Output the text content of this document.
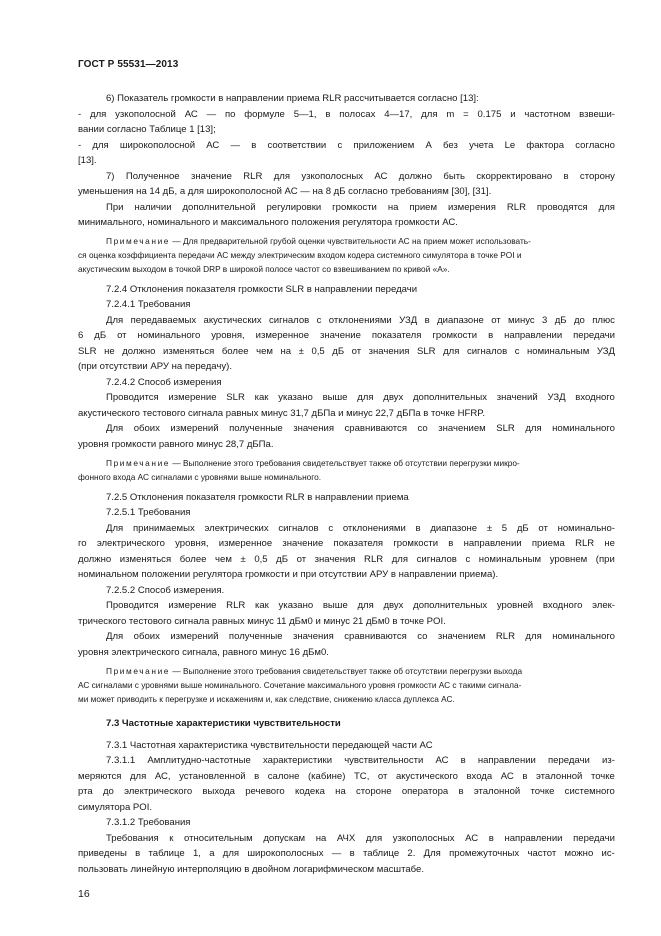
ГОСТ Р 55531—2013
6) Показатель громкости в направлении приема RLR рассчитывается согласно [13]:
- для узкополосной АС — по формуле 5—1, в полосах 4—17, для m = 0.175 и частотном взвеши-
вании согласно Таблице 1 [13];
- для широкополосной АС — в соответствии с приложением А без учета Le фактора согласно
[13].
7) Полученное значение RLR для узкополосных АС должно быть скорректировано в сторону
уменьшения на 14 дБ, а для широкополосной АС — на 8 дБ согласно требованиям [30], [31].
При наличии дополнительной регулировки громкости на прием измерения RLR проводятся для
минимального, номинального и максимального положения регулятора громкости АС.
Примечание — Для предварительной грубой оценки чувствительности АС на прием может использовать-
ся оценка коэффициента передачи АС между электрическим входом кодера системного симулятора в точке POI и
акустическим выходом в точкой DRP в широкой полосе частот со взвешиванием по кривой «А».
7.2.4 Отклонения показателя громкости SLR в направлении передачи
7.2.4.1 Требования
Для передаваемых акустических сигналов с отклонениями УЗД в диапазоне от минус 3 дБ до плюс
6 дБ от номинального уровня, измеренное значение показателя громкости в направлении передачи
SLR не должно изменяться более чем на ± 0,5 дБ от значения SLR для сигналов с номинальным УЗД
(при отсутствии АРУ на передачу).
7.2.4.2 Способ измерения
Проводится измерение SLR как указано выше для двух дополнительных значений УЗД входного
акустического тестового сигнала равных минус 31,7 дБПа и минус 22,7 дБПа в точке HFRP.
Для обоих измерений полученные значения сравниваются со значением SLR для номинального
уровня громкости равного минус 28,7 дБПа.
Примечание — Выполнение этого требования свидетельствует также об отсутствии перегрузки микро-
фонного входа АС сигналами с уровнями выше номинального.
7.2.5 Отклонения показателя громкости RLR в направлении приема
7.2.5.1 Требования
Для принимаемых электрических сигналов с отклонениями в диапазоне ± 5 дБ от номинально-
го электрического уровня, измеренное значение показателя громкости в направлении приема RLR не
должно изменяться более чем ± 0,5 дБ от значения RLR для сигналов с номинальным уровнем (при
номинальном положении регулятора громкости и при отсутствии АРУ в направлении приема).
7.2.5.2 Способ измерения.
Проводится измерение RLR как указано выше для двух дополнительных уровней входного элек-
трического тестового сигнала равных минус 11 дБм0 и минус 21 дБм0 в точке POI.
Для обоих измерений полученные значения сравниваются со значением RLR для номинального
уровня электрического сигнала, равного минус 16 дБм0.
Примечание — Выполнение этого требования свидетельствует также об отсутствии перегрузки выхода
АС сигналами с уровнями выше номинального. Сочетание максимального уровня громкости АС с такими сигнала-
ми может приводить к перегрузке и искажениям и, как следствие, снижению класса дуплекса АС.
7.3 Частотные характеристики чувствительности
7.3.1 Частотная характеристика чувствительности передающей части АС
7.3.1.1 Амплитудно-частотные характеристики чувствительности АС в направлении передачи из-
меряются для АС, установленной в салоне (кабине) ТС, от акустического входа АС в эталонной точке
рта до электрического выхода речевого кодека на стороне оператора в эталонной точке системного
симулятора POI.
7.3.1.2 Требования
Требования к относительным допускам на АЧХ для узкополосных АС в направлении передачи
приведены в таблице 1, а для широкополосных — в таблице 2. Для промежуточных частот можно ис-
пользовать линейную интерполяцию в двойном логарифмическом масштабе.
16
